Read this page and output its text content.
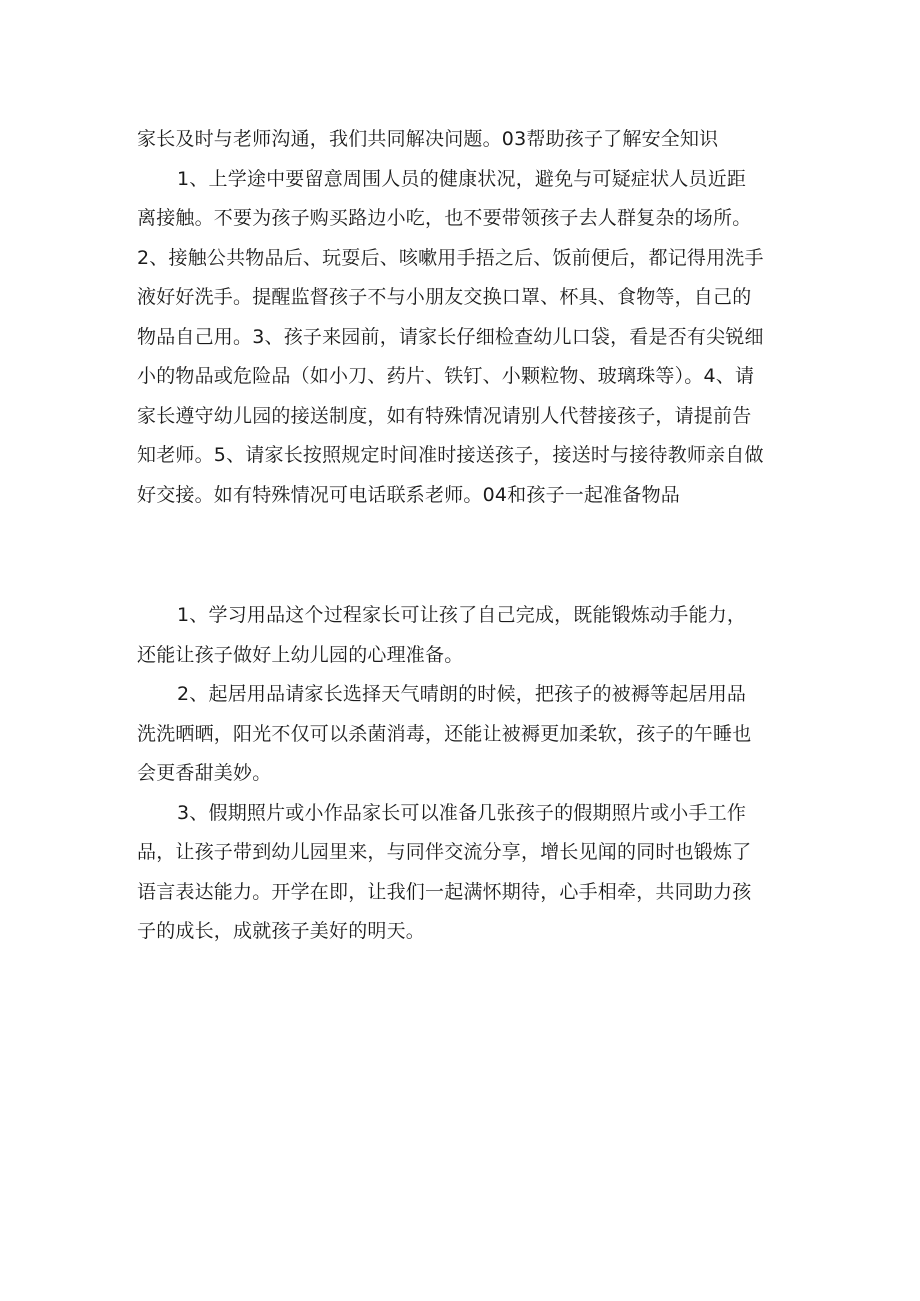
家长及时与老师沟通，我们共同解决问题。03帮助孩子了解安全知识
1、上学途中要留意周围人员的健康状况，避免与可疑症状人员近距
离接触。不要为孩子购买路边小吃，也不要带领孩子去人群复杂的场所。
2、接触公共物品后、玩耍后、咳嗽用手捂之后、饭前便后，都记得用洗手
液好好洗手。提醒监督孩子不与小朋友交换口罩、杯具、食物等，自己的
物品自己用。3、孩子来园前，请家长仔细检查幼儿口袋，看是否有尖锐细
小的物品或危险品（如小刀、药片、铁钉、小颗粒物、玻璃珠等）。4、请
家长遵守幼儿园的接送制度，如有特殊情况请别人代替接孩子，请提前告
知老师。5、请家长按照规定时间准时接送孩子，接送时与接待教师亲自做
好交接。如有特殊情况可电话联系老师。04和孩子一起准备物品
1、学习用品这个过程家长可让孩了自己完成，既能锻炼动手能力，
还能让孩子做好上幼儿园的心理准备。
2、起居用品请家长选择天气晴朗的时候，把孩子的被褥等起居用品
洗洗晒晒，阳光不仅可以杀菌消毒，还能让被褥更加柔软，孩子的午睡也
会更香甜美妙。
3、假期照片或小作品家长可以准备几张孩子的假期照片或小手工作
品，让孩子带到幼儿园里来，与同伴交流分享，增长见闻的同时也锻炼了
语言表达能力。开学在即，让我们一起满怀期待，心手相牵，共同助力孩
子的成长，成就孩子美好的明天。
